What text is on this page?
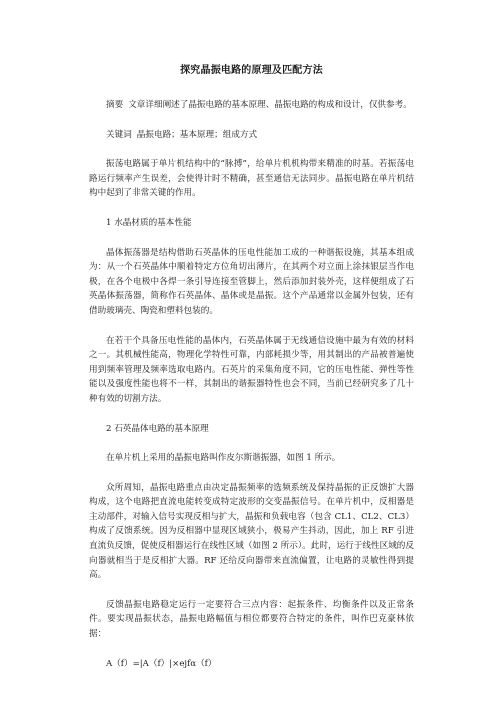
探究晶振电路的原理及匹配方法

摘要 文章详细阐述了晶振电路的基本原理、晶振电路的构成和设计，仅供参考。

关键词 晶振电路；基本原理；组成方式

振荡电路属于单片机结构中的“脉搏”，给单片机机构带来精准的时基。若振荡电路运行频率产生误差，会使得计时不精确，甚至通信无法同步。晶振电路在单片机结构中起到了非常关键的作用。

1 水晶材质的基本性能

晶体振荡器是结构借助石英晶体的压电性能加工成的一种谐振设施，其基本组成为：从一个石英晶体中顺着特定方位角切出薄片，在其两个对立面上涂抹银层当作电极，在各个电极中各焊一条引导连接至管脚上，然后添加封装外壳，这样便组成了石英晶体振荡器，简称作石英晶体、晶体或是晶振。这个产品通常以金属外包装，还有借助玻璃壳、陶瓷和塑料包装的。

在若干个具备压电性能的晶体内，石英晶体属于无线通信设施中最为有效的材料之一。其机械性能高，物理化学特性可靠，内部耗损少等，用其制出的产品被普遍使用到频率管理及频率选取电路内。石英片的采集角度不同，它的压电性能、弹性等性能以及强度性能也将不一样，其制出的谐振器特性也会不同，当前已经研究多了几十种有效的切割方法。

2 石英晶体电路的基本原理

在单片机上采用的晶振电路叫作皮尔斯谐振器，如图 1 所示。

众所周知，晶振电路重点由决定晶振频率的选频系统及保持晶振的正反馈扩大器构成，这个电路把直流电能转变成特定波形的交变晶振信号。在单片机中，反相器是主动部件，对输入信号实现反相与扩大，晶振和负载电容（包含 CL1、CL2、CL3）构成了反馈系统。因为反相器中显现区域狭小，极易产生抖动，因此，加上 RF 引进直流负反馈，促使反相器运行在线性区域（如图 2 所示）。此时，运行于线性区域的反向器就相当于是反相扩大器。RF 还给反向器带来直流偏置，让电路的灵敏性得到提高。

反馈晶振电路稳定运行一定要符合三点内容：起振条件、均衡条件以及正常条件。要实现晶振状态，晶振电路幅值与相位都要符合特定的条件，叫作巴克豪林依据：

A（f）=|A（f）|×ejfα（f）
